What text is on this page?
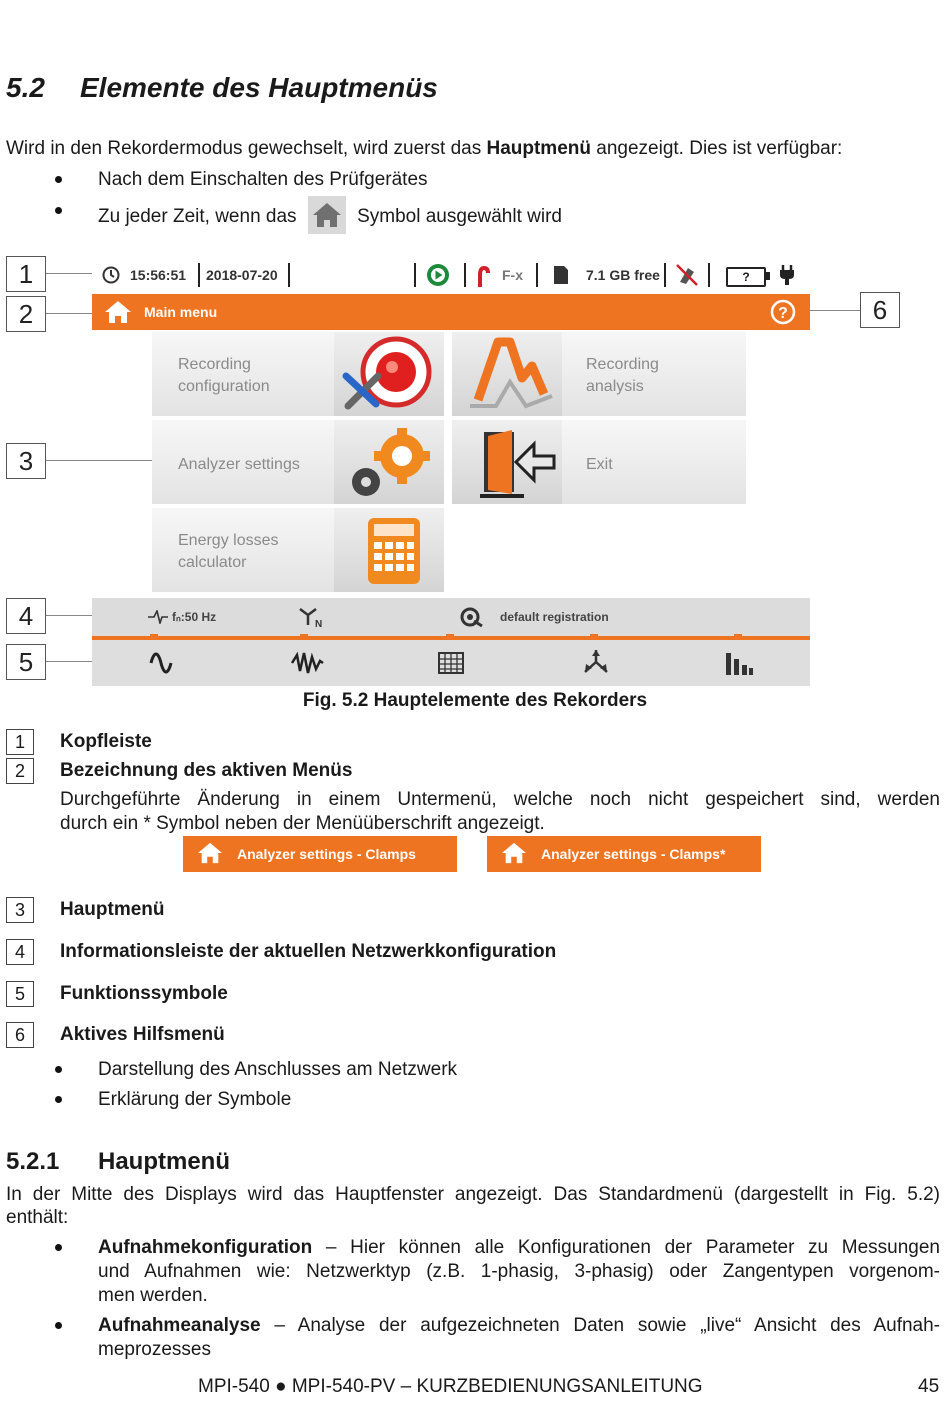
5.2 Elemente des Hauptmenüs
Wird in den Rekordermodus gewechselt, wird zuerst das Hauptmenü angezeigt. Dies ist verfügbar:
Nach dem Einschalten des Prüfgerätes
Zu jeder Zeit, wenn das	Symbol ausgewählt wird
1
2
3
4
5
6
15:56:51 2018-07-20	F-x	7.1 GB free	?
Main menu	?
Recording
configuration
Recording
analysis
Analyzer settings	Exit
Energy losses
calculator
fₙ:50 Hz
N
default registration
Fig. 5.2 Hauptelemente des Rekorders
1	Kopfleiste
2	Bezeichnung des aktiven Menüs
Durchgeführte Änderung in einem Untermenü, welche noch nicht gespeichert sind, werden
durch ein * Symbol neben der Menüüberschrift angezeigt.
Analyzer settings - Clamps	Analyzer settings - Clamps*
3	Hauptmenü
4	Informationsleiste der aktuellen Netzwerkkonfiguration
5	Funktionssymbole
6	Aktives Hilfsmenü
Darstellung des Anschlusses am Netzwerk
Erklärung der Symbole
5.2.1 Hauptmenü
In der Mitte des Displays wird das Hauptfenster angezeigt. Das Standardmenü (dargestellt in Fig. 5.2)
enthält:
Aufnahmekonfiguration – Hier können alle Konfigurationen der Parameter zu Messungen
und Aufnahmen wie: Netzwerktyp (z.B. 1-phasig, 3-phasig) oder Zangentypen vorgenom-
men werden.
Aufnahmeanalyse – Analyse der aufgezeichneten Daten sowie „live“ Ansicht des Aufnah-
meprozesses
MPI-540 ● MPI-540-PV – KURZBEDIENUNGSANLEITUNG	45
